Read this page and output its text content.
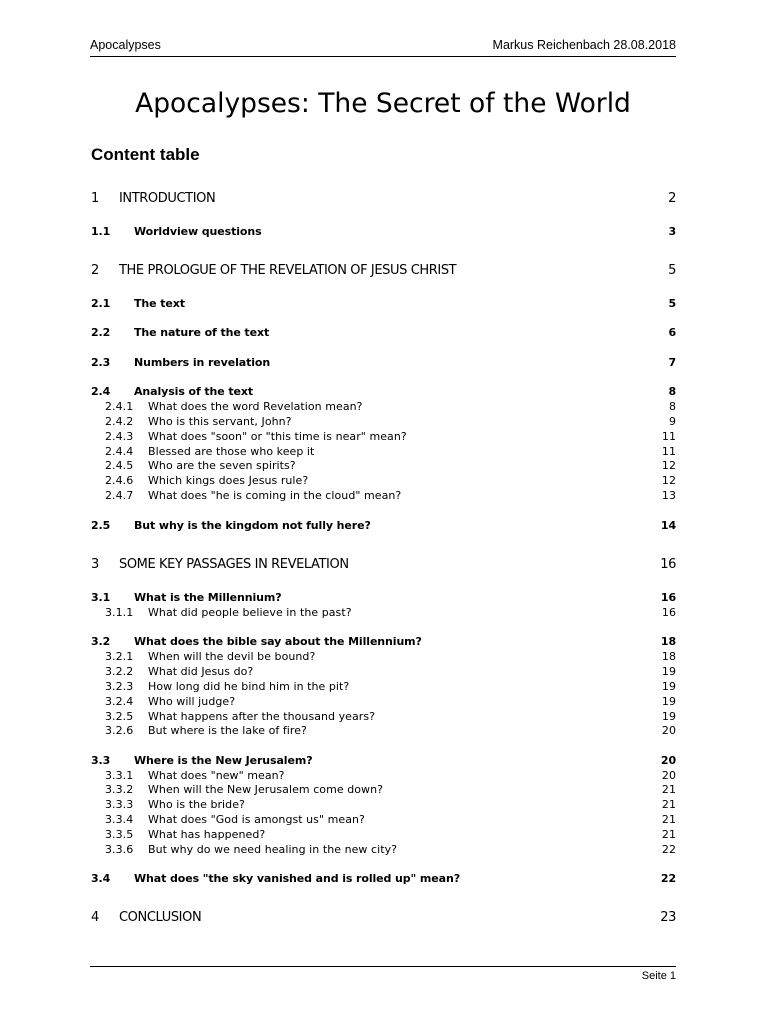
Apocalypses	Markus Reichenbach 28.08.2018
Apocalypses: The Secret of the World
Content table
1 INTRODUCTION	2
1.1 Worldview questions	3
2 THE PROLOGUE OF THE REVELATION OF JESUS CHRIST	5
2.1 The text	5
2.2 The nature of the text	6
2.3 Numbers in revelation	7
2.4 Analysis of the text	8
2.4.1 What does the word Revelation mean?	8
2.4.2 Who is this servant, John?	9
2.4.3 What does "soon" or "this time is near" mean?	11
2.4.4 Blessed are those who keep it	11
2.4.5 Who are the seven spirits?	12
2.4.6 Which kings does Jesus rule?	12
2.4.7 What does "he is coming in the cloud" mean?	13
2.5 But why is the kingdom not fully here?	14
3 SOME KEY PASSAGES IN REVELATION	16
3.1 What is the Millennium?	16
3.1.1 What did people believe in the past?	16
3.2 What does the bible say about the Millennium?	18
3.2.1 When will the devil be bound?	18
3.2.2 What did Jesus do?	19
3.2.3 How long did he bind him in the pit?	19
3.2.4 Who will judge?	19
3.2.5 What happens after the thousand years?	19
3.2.6 But where is the lake of fire?	20
3.3 Where is the New Jerusalem?	20
3.3.1 What does "new" mean?	20
3.3.2 When will the New Jerusalem come down?	21
3.3.3 Who is the bride?	21
3.3.4 What does "God is amongst us" mean?	21
3.3.5 What has happened?	21
3.3.6 But why do we need healing in the new city?	22
3.4 What does "the sky vanished and is rolled up" mean?	22
4 CONCLUSION	23
Seite 1
